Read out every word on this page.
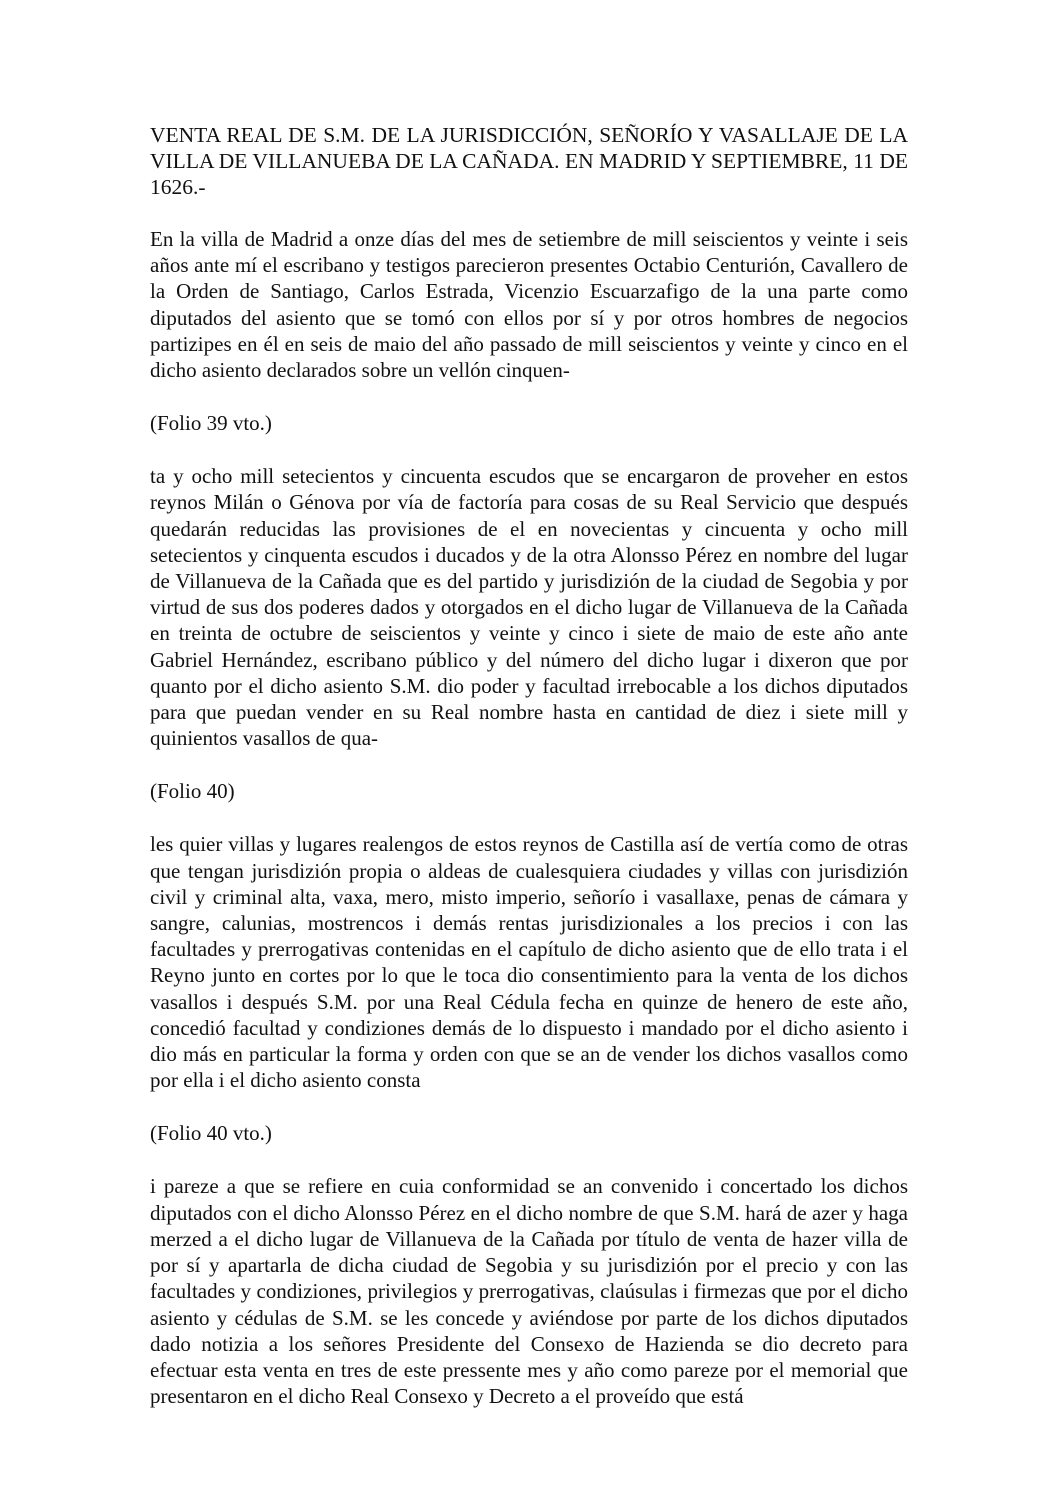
VENTA REAL DE S.M. DE LA JURISDICCIÓN, SEÑORÍO Y VASALLAJE DE LA VILLA DE VILLANUEBA DE LA CAÑADA. EN MADRID Y SEPTIEMBRE, 11 DE 1626.-

En la villa de Madrid a onze días del mes de setiembre de mill seiscientos y veinte i seis años ante mí el escribano y testigos parecieron presentes Octabio Centurión, Cavallero de la Orden de Santiago, Carlos Estrada, Vicenzio Escuarzafigo de la una parte como diputados del asiento que se tomó con ellos por sí y por otros hombres de negocios partizipes en él en seis de maio del año passado de mill seiscientos y veinte y cinco en el dicho asiento declarados sobre un vellón cinquen-

(Folio 39 vto.)

ta y ocho mill setecientos y cincuenta escudos que se encargaron de proveher en estos reynos Milán o Génova por vía de factoría para cosas de su Real Servicio que después quedarán reducidas las provisiones de el en novecientas y cincuenta y ocho mill setecientos y cinquenta escudos i ducados y de la otra Alonsso Pérez en nombre del lugar de Villanueva de la Cañada que es del partido y jurisdizión de la ciudad de Segobia y por virtud de sus dos poderes dados y otorgados en el dicho lugar de Villanueva de la Cañada en treinta de octubre de seiscientos y veinte y cinco i siete de maio de este año ante Gabriel Hernández, escribano público y del número del dicho lugar i dixeron que por quanto por el dicho asiento S.M. dio poder y facultad irrebocable a los dichos diputados para que puedan vender en su Real nombre hasta en cantidad de diez i siete mill y quinientos vasallos de qua-

(Folio 40)

les quier villas y lugares realengos de estos reynos de Castilla así de vertía como de otras que tengan jurisdizión propia o aldeas de cualesquiera ciudades y villas con jurisdizión civil y criminal alta, vaxa, mero, misto imperio, señorío i vasallaxe, penas de cámara y sangre, calunias, mostrencos i demás rentas jurisdizionales a los precios i con las facultades y prerrogativas contenidas en el capítulo de dicho asiento que de ello trata i el Reyno junto en cortes por lo que le toca dio consentimiento para la venta de los dichos vasallos i después S.M. por una Real Cédula fecha en quinze de henero de este año, concedió facultad y condiziones demás de lo dispuesto i mandado por el dicho asiento i dio más en particular la forma y orden con que se an de vender los dichos vasallos como por ella i el dicho asiento consta

(Folio 40 vto.)

i pareze a que se refiere en cuia conformidad se an convenido i concertado los dichos diputados con el dicho Alonsso Pérez en el dicho nombre de que S.M. hará de azer y haga merzed a el dicho lugar de Villanueva de la Cañada por título de venta de hazer villa de por sí y apartarla de dicha ciudad de Segobia y su jurisdizión por el precio y con las facultades y condiziones, privilegios y prerrogativas, claúsulas i firmezas que por el dicho asiento y cédulas de S.M. se les concede y aviéndose por parte de los dichos diputados dado notizia a los señores Presidente del Consexo de Hazienda se dio decreto para efectuar esta venta en tres de este pressente mes y año como pareze por el memorial que presentaron en el dicho Real Consexo y Decreto a el proveído que está
